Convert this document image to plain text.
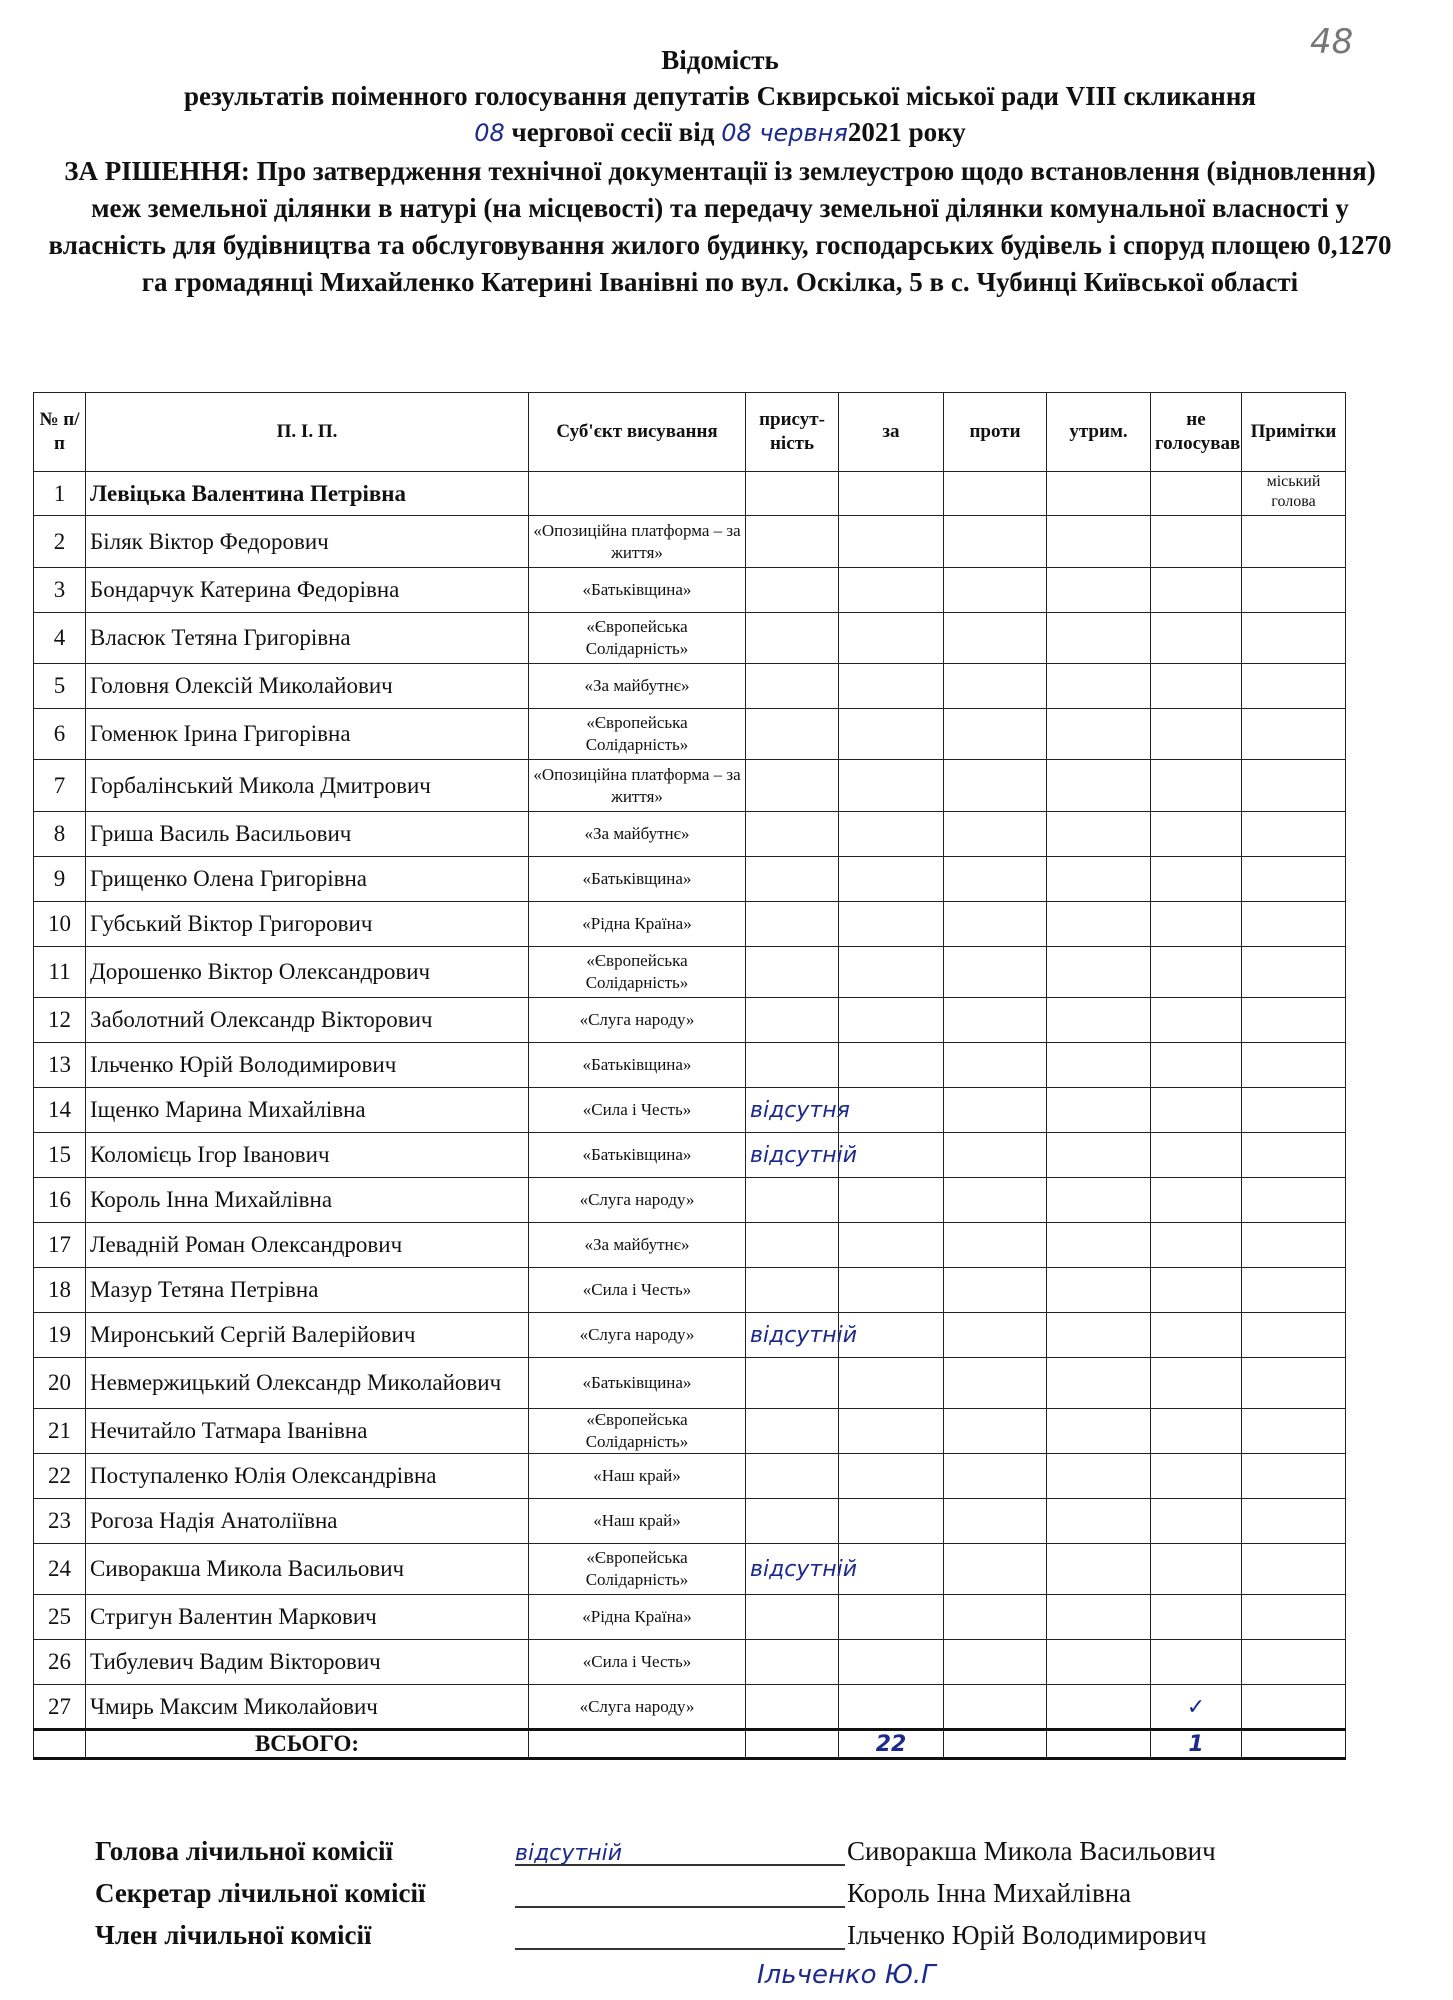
48
Відомість
результатів поіменного голосування депутатів Сквирської міської ради VIII скликання
08 чергової сесії від 08 червня2021 року
ЗА РІШЕННЯ: Про затвердження технічної документації із землеустрою щодо встановлення (відновлення) меж земельної ділянки в натурі (на місцевості) та передачу земельної ділянки комунальної власності у власність для будівництва та обслуговування жилого будинку, господарських будівель і споруд площею 0,1270 га громадянці Михайленко Катерині Іванівні по вул. Оскілка, 5 в с. Чубинці Київської області
№ п/п	П. І. П.	Суб'єкт висування	присут-ність	за	проти	утрим.	не голосував	Примітки
1	Левіцька Валентина Петрівна							міський голова
2	Біляк Віктор Федорович	«Опозиційна платформа – за життя»						
3	Бондарчук Катерина Федорівна	«Батьківщина»						
4	Власюк Тетяна Григорівна	«Європейська Солідарність»						
5	Головня Олексій Миколайович	«За майбутнє»						
6	Гоменюк Ірина Григорівна	«Європейська Солідарність»						
7	Горбалінський Микола Дмитрович	«Опозиційна платформа – за життя»						
8	Гриша Василь Васильович	«За майбутнє»						
9	Грищенко Олена Григорівна	«Батьківщина»						
10	Губський Віктор Григорович	«Рідна Країна»						
11	Дорошенко Віктор Олександрович	«Європейська Солідарність»						
12	Заболотний Олександр Вікторович	«Слуга народу»						
13	Ільченко Юрій Володимирович	«Батьківщина»						
14	Іщенко Марина Михайлівна	«Сила і Честь»	відсутня					
15	Коломієць Ігор Іванович	«Батьківщина»	відсутній					
16	Король Інна Михайлівна	«Слуга народу»						
17	Левадній Роман Олександрович	«За майбутнє»						
18	Мазур Тетяна Петрівна	«Сила і Честь»						
19	Миронський Сергій Валерійович	«Слуга народу»	відсутній					
20	Невмержицький Олександр Миколайович	«Батьківщина»						
21	Нечитайло Татмара Іванівна	«Європейська Солідарність»						
22	Поступаленко Юлія Олександрівна	«Наш край»						
23	Рогоза Надія Анатоліївна	«Наш край»						
24	Сиворакша Микола Васильович	«Європейська Солідарність»	відсутній					
25	Стригун Валентин Маркович	«Рідна Країна»						
26	Тибулевич Вадим Вікторович	«Сила і Честь»						
27	Чмирь Максим Миколайович	«Слуга народу»					✓	
	ВСЬОГО:			22			1	
Голова лічильної комісії	відсутній	Сиворакша Микола Васильович
Секретар лічильної комісії	Король Інна Михайлівна
Член лічильної комісії	Ільченко Юрій Володимирович
Ільченко Ю.Г
